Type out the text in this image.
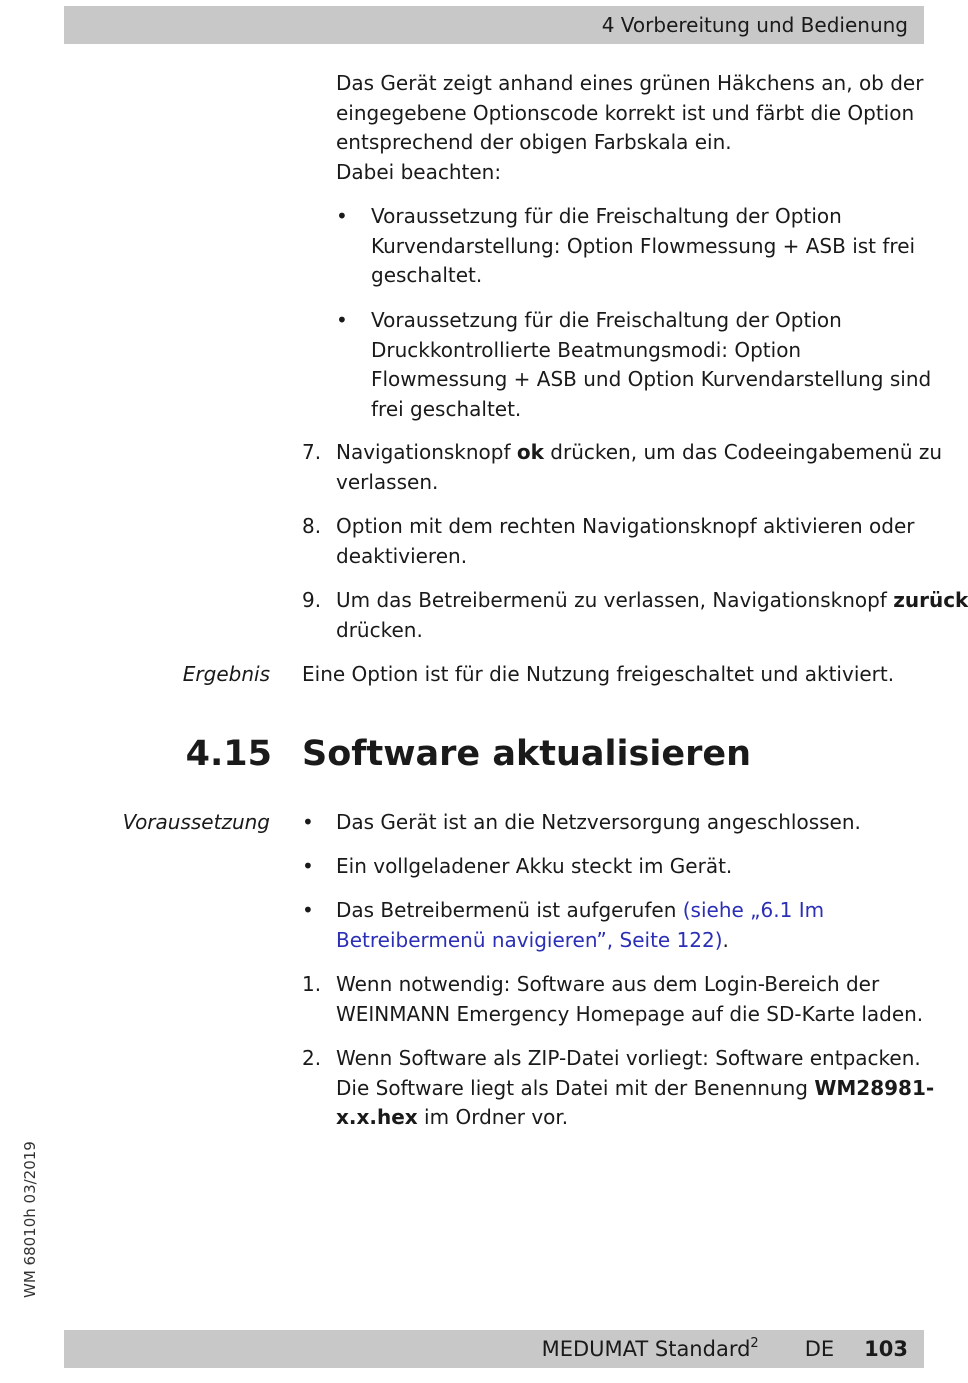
4 Vorbereitung und Bedienung
Das Gerät zeigt anhand eines grünen Häkchens an, ob der
eingegebene Optionscode korrekt ist und färbt die Option
entsprechend der obigen Farbskala ein.
Dabei beachten:
• Voraussetzung für die Freischaltung der Option
Kurvendarstellung: Option Flowmessung + ASB ist frei
geschaltet.
• Voraussetzung für die Freischaltung der Option
Druckkontrollierte Beatmungsmodi: Option
Flowmessung + ASB und Option Kurvendarstellung sind
frei geschaltet.
7. Navigationsknopf ok drücken, um das Codeeingabemenü zu
verlassen.
8. Option mit dem rechten Navigationsknopf aktivieren oder
deaktivieren.
9. Um das Betreibermenü zu verlassen, Navigationsknopf zurück
drücken.
Ergebnis Eine Option ist für die Nutzung freigeschaltet und aktiviert.
4.15 Software aktualisieren
Voraussetzung • Das Gerät ist an die Netzversorgung angeschlossen.
• Ein vollgeladener Akku steckt im Gerät.
• Das Betreibermenü ist aufgerufen (siehe „6.1 Im
Betreibermenü navigieren”, Seite 122).
1. Wenn notwendig: Software aus dem Login-Bereich der
WEINMANN Emergency Homepage auf die SD-Karte laden.
2. Wenn Software als ZIP-Datei vorliegt: Software entpacken.
Die Software liegt als Datei mit der Benennung WM28981-
x.x.hex im Ordner vor.
WM 68010h 03/2019
MEDUMAT Standard$^2$ DE 103
